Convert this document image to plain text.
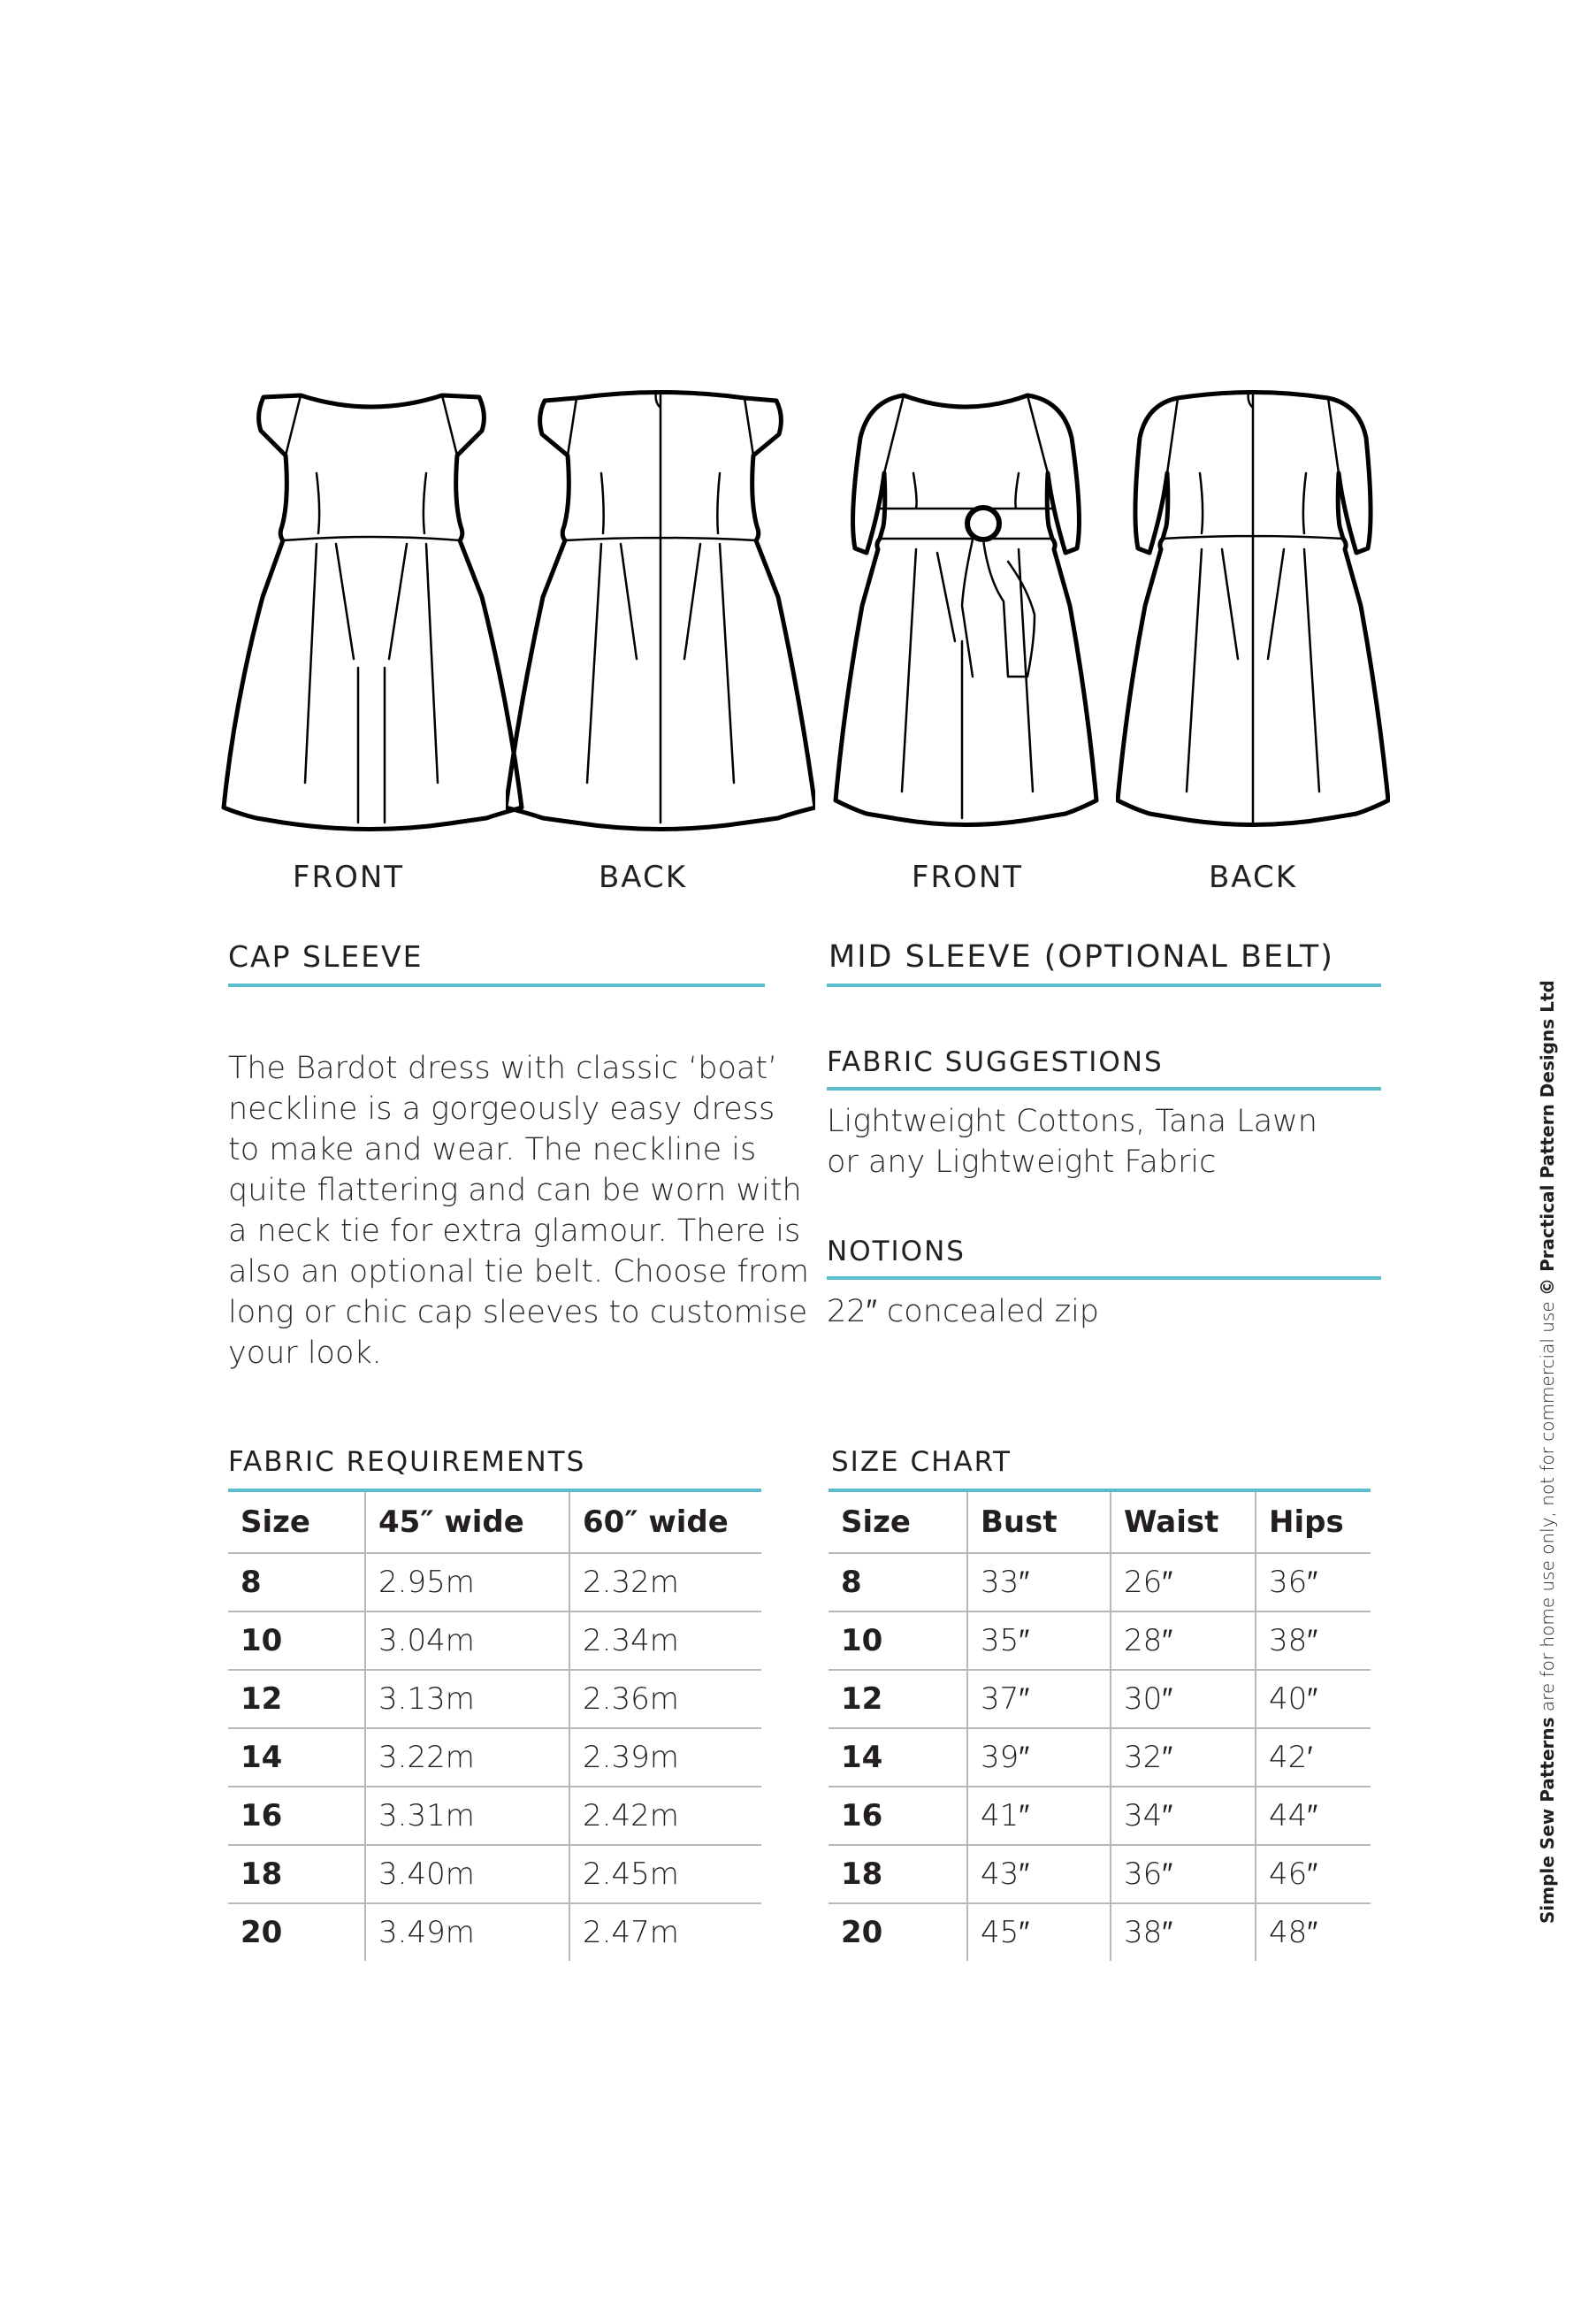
FRONT	BACK	FRONT	BACK
CAP SLEEVE	MID SLEEVE (OPTIONAL BELT)
The Bardot dress with classic ‘boat’
neckline is a gorgeously easy dress
to make and wear. The neckline is
quite flattering and can be worn with
a neck tie for extra glamour. There is
also an optional tie belt. Choose from
long or chic cap sleeves to customise
your look.
FABRIC SUGGESTIONS
Lightweight Cottons, Tana Lawn
or any Lightweight Fabric
NOTIONS
22″ concealed zip
FABRIC REQUIREMENTS
Size	45″ wide	60″ wide
8	2.95m	2.32m
10	3.04m	2.34m
12	3.13m	2.36m
14	3.22m	2.39m
16	3.31m	2.42m
18	3.40m	2.45m
20	3.49m	2.47m
SIZE CHART
Size	Bust	Waist	Hips
8	33″	26″	36″
10	35″	28″	38″
12	37″	30″	40″
14	39″	32″	42′
16	41″	34″	44″
18	43″	36″	46″
20	45″	38″	48″
Simple Sew Patterns are for home use only, not for commercial use © Practical Pattern Designs Ltd
